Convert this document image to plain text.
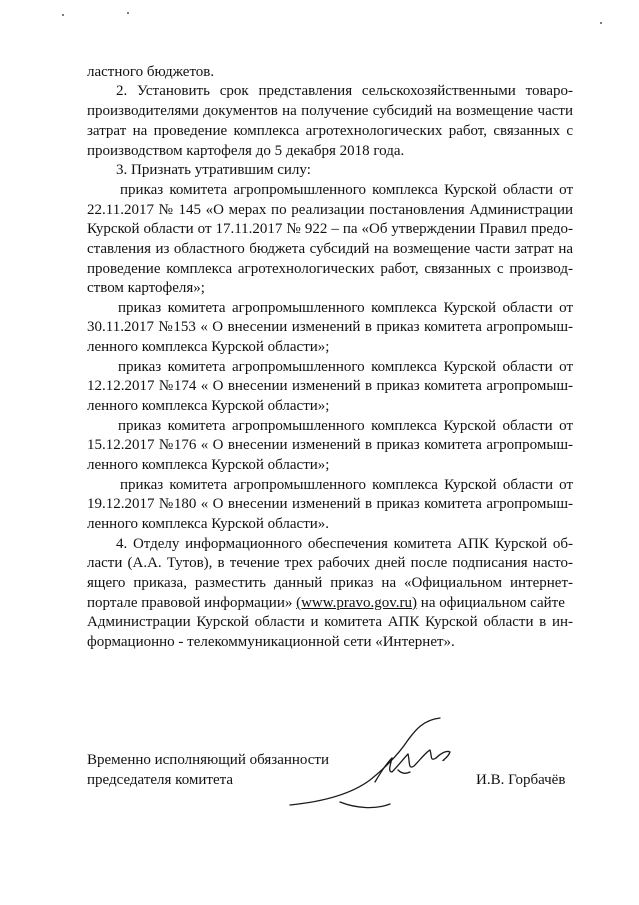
ластного бюджетов.
2. Установить срок представления сельскохозяйственными товаро-
производителями документов на получение субсидий на возмещение части
затрат на проведение комплекса агротехнологических работ, связанных с
производством картофеля до 5 декабря 2018 года.
3. Признать утратившим силу:
приказ комитета агропромышленного комплекса Курской области от
22.11.2017 № 145 «О мерах по реализации постановления Администрации
Курской области от 17.11.2017 № 922 – па «Об утверждении Правил предо-
ставления из областного бюджета субсидий на возмещение части затрат на
проведение комплекса агротехнологических работ, связанных с производ-
ством картофеля»;
приказ комитета агропромышленного комплекса Курской области от
30.11.2017 №153 « О внесении изменений в приказ комитета агропромыш-
ленного комплекса Курской области»;
приказ комитета агропромышленного комплекса Курской области от
12.12.2017 №174 « О внесении изменений в приказ комитета агропромыш-
ленного комплекса Курской области»;
приказ комитета агропромышленного комплекса Курской области от
15.12.2017 №176 « О внесении изменений в приказ комитета агропромыш-
ленного комплекса Курской области»;
приказ комитета агропромышленного комплекса Курской области от
19.12.2017 №180 « О внесении изменений в приказ комитета агропромыш-
ленного комплекса Курской области».
4. Отделу информационного обеспечения комитета АПК Курской об-
ласти (А.А. Тутов), в течение трех рабочих дней после подписания насто-
ящего приказа, разместить данный приказ на «Официальном интернет-
портале правовой информации» (www.pravo.gov.ru) на официальном сайте
Администрации Курской области и комитета АПК Курской области в ин-
формационно - телекоммуникационной сети «Интернет».
Временно исполняющий обязанности
председателя комитета	И.В. Горбачёв
